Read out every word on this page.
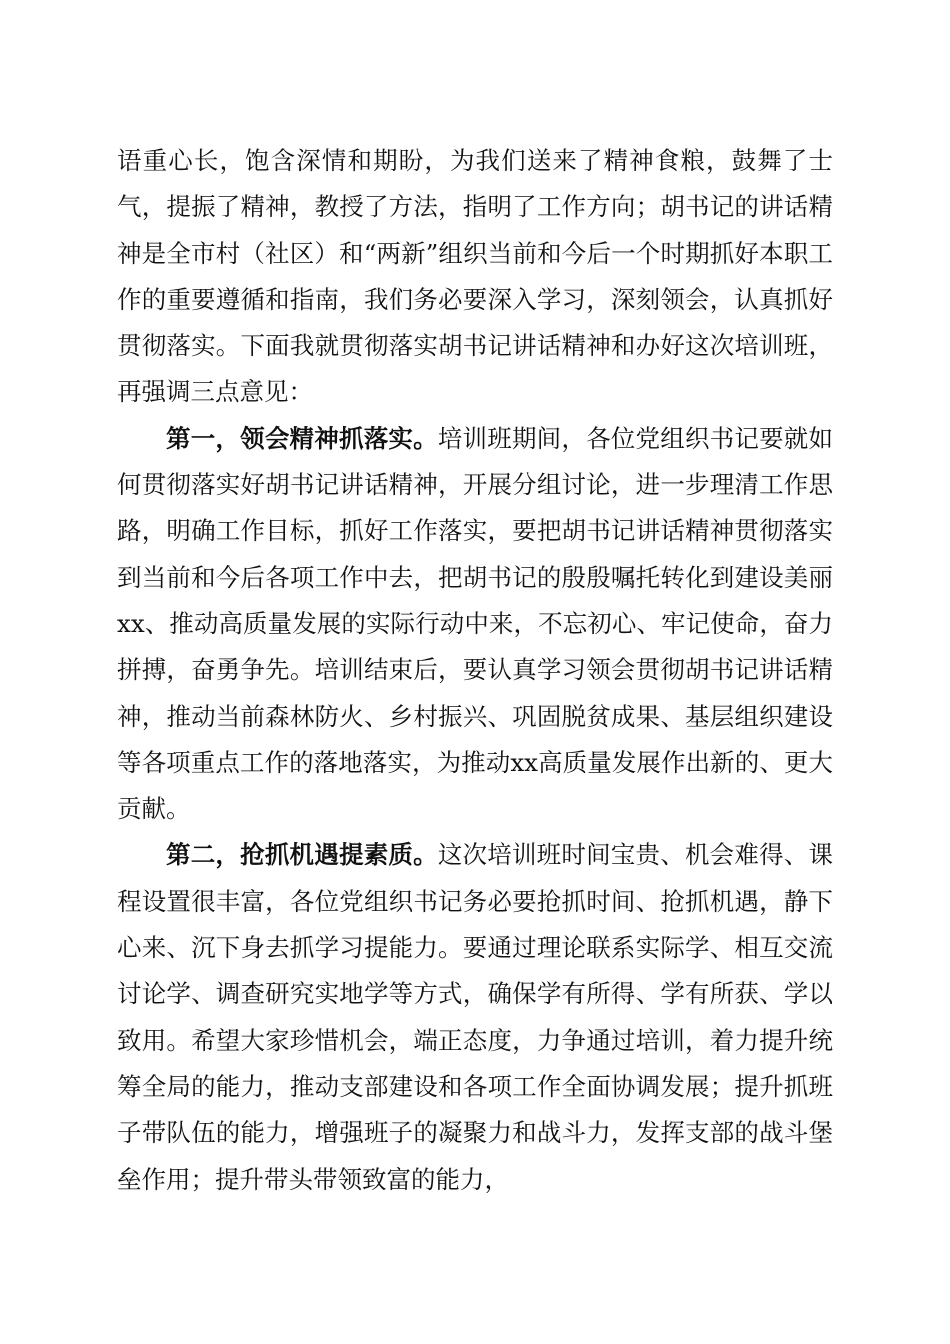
语重心长，饱含深情和期盼，为我们送来了精神食粮，鼓舞了士气，提振了精神，教授了方法，指明了工作方向；胡书记的讲话精神是全市村（社区）和“两新”组织当前和今后一个时期抓好本职工作的重要遵循和指南，我们务必要深入学习，深刻领会，认真抓好贯彻落实。下面我就贯彻落实胡书记讲话精神和办好这次培训班，再强调三点意见：

第一，领会精神抓落实。培训班期间，各位党组织书记要就如何贯彻落实好胡书记讲话精神，开展分组讨论，进一步理清工作思路，明确工作目标，抓好工作落实，要把胡书记讲话精神贯彻落实到当前和今后各项工作中去，把胡书记的殷殷嘱托转化到建设美丽xx、推动高质量发展的实际行动中来，不忘初心、牢记使命，奋力拼搏，奋勇争先。培训结束后，要认真学习领会贯彻胡书记讲话精神，推动当前森林防火、乡村振兴、巩固脱贫成果、基层组织建设等各项重点工作的落地落实，为推动xx高质量发展作出新的、更大贡献。

第二，抢抓机遇提素质。这次培训班时间宝贵、机会难得、课程设置很丰富，各位党组织书记务必要抢抓时间、抢抓机遇，静下心来、沉下身去抓学习提能力。要通过理论联系实际学、相互交流讨论学、调查研究实地学等方式，确保学有所得、学有所获、学以致用。希望大家珍惜机会，端正态度，力争通过培训，着力提升统筹全局的能力，推动支部建设和各项工作全面协调发展；提升抓班子带队伍的能力，增强班子的凝聚力和战斗力，发挥支部的战斗堡垒作用；提升带头带领致富的能力，
